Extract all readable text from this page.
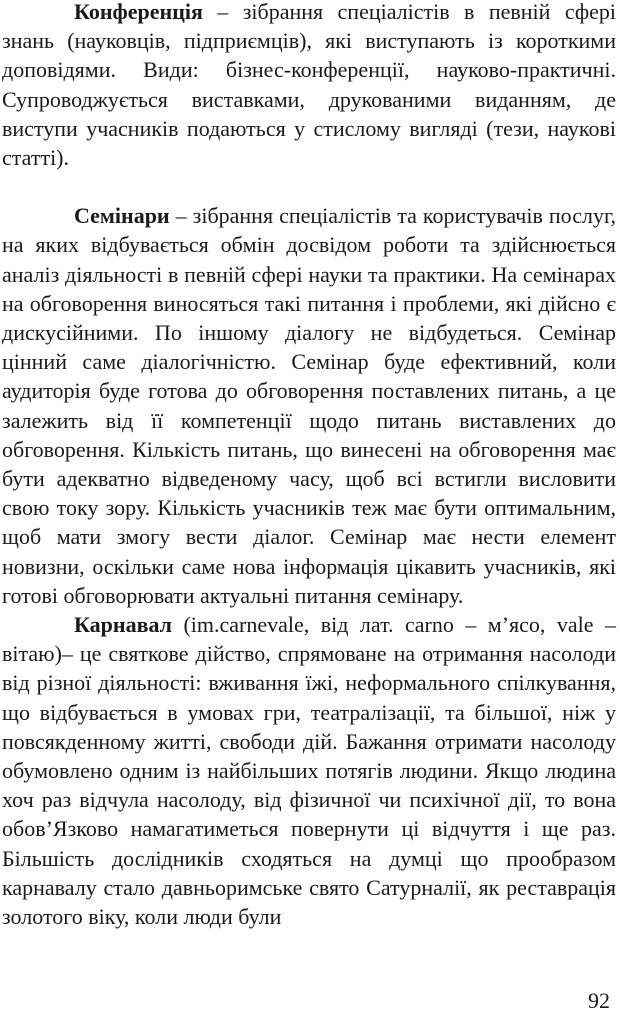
Конференція – зібрання спеціалістів в певній сфері знань (науковців, підприємців), які виступають із короткими доповідями. Види: бізнес-конференції, науково-практичні. Супроводжується виставками, друкованими виданням, де виступи учасників подаються у стислому вигляді (тези, наукові статті).

Семінари – зібрання спеціалістів та користувачів послуг, на яких відбувається обмін досвідом роботи та здійснюється аналіз діяльності в певній сфері науки та практики. На семінарах на обговорення виносяться такі питання і проблеми, які дійсно є дискусійними. По іншому діалогу не відбудеться. Семінар цінний саме діалогічністю. Семінар буде ефективний, коли аудиторія буде готова до обговорення поставлених питань, а це залежить від її компетенції щодо питань виставлених до обговорення. Кількість питань, що винесені на обговорення має бути адекватно відведеному часу, щоб всі встигли висловити свою току зору. Кількість учасників теж має бути оптимальним, щоб мати змогу вести діалог. Семінар має нести елемент новизни, оскільки саме нова інформація цікавить учасників, які готові обговорювати актуальні питання семінару.

Карнавал (im.carnevale, від лат. carno – м’ясо, vale – вітаю)– це святкове дійство, спрямоване на отримання насолоди від різної діяльності: вживання їжі, неформального спілкування, що відбувається в умовах гри, театралізації, та більшої, ніж у повсякденному житті, свободи дій. Бажання отримати насолоду обумовлено одним із найбільших потягів людини. Якщо людина хоч раз відчула насолоду, від фізичної чи психічної дії, то вона обов’Язково намагатиметься повернути ці відчуття і ще раз. Більшість дослідників сходяться на думці що прообразом карнавалу стало давньоримське свято Сатурналії, як реставрація золотого віку, коли люди були

92
